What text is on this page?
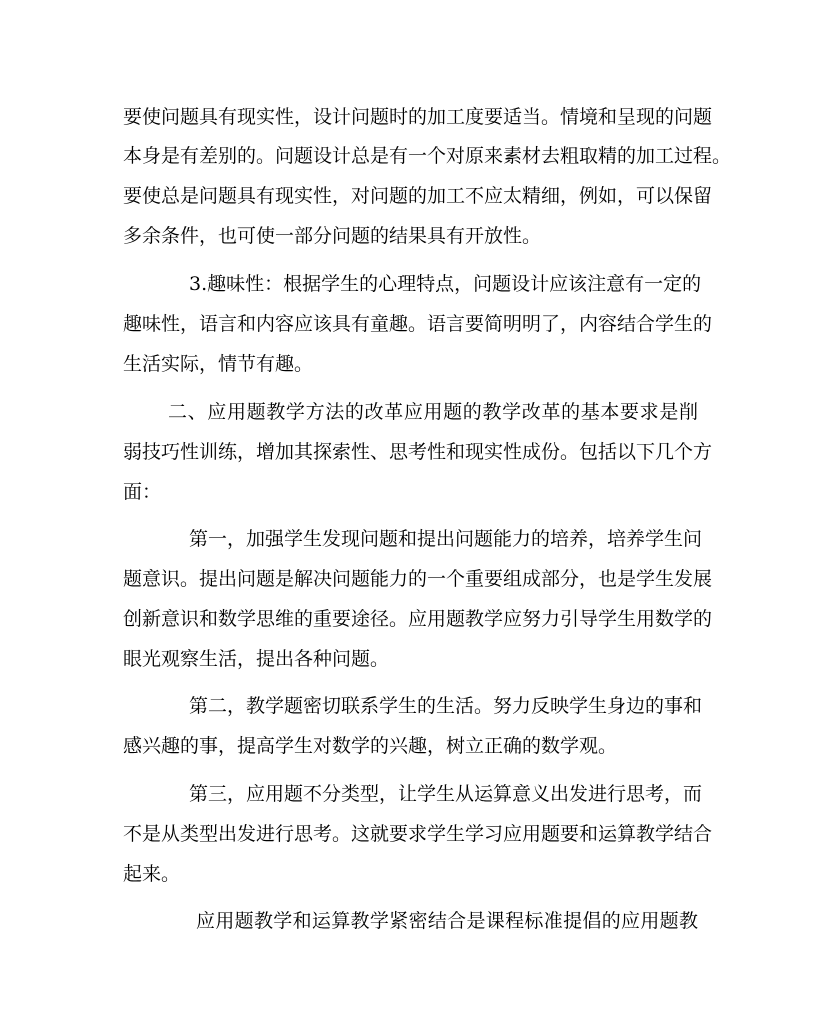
要使问题具有现实性，设计问题时的加工度要适当。情境和呈现的问题
本身是有差别的。问题设计总是有一个对原来素材去粗取精的加工过程。
要使总是问题具有现实性，对问题的加工不应太精细，例如，可以保留
多余条件，也可使一部分问题的结果具有开放性。
3.趣味性：根据学生的心理特点，问题设计应该注意有一定的
趣味性，语言和内容应该具有童趣。语言要简明明了，内容结合学生的
生活实际，情节有趣。
二、应用题教学方法的改革应用题的教学改革的基本要求是削
弱技巧性训练，增加其探索性、思考性和现实性成份。包括以下几个方
面：
第一，加强学生发现问题和提出问题能力的培养，培养学生问
题意识。提出问题是解决问题能力的一个重要组成部分，也是学生发展
创新意识和数学思维的重要途径。应用题教学应努力引导学生用数学的
眼光观察生活，提出各种问题。
第二，教学题密切联系学生的生活。努力反映学生身边的事和
感兴趣的事，提高学生对数学的兴趣，树立正确的数学观。
第三，应用题不分类型，让学生从运算意义出发进行思考，而
不是从类型出发进行思考。这就要求学生学习应用题要和运算教学结合
起来。
应用题教学和运算教学紧密结合是课程标准提倡的应用题教
